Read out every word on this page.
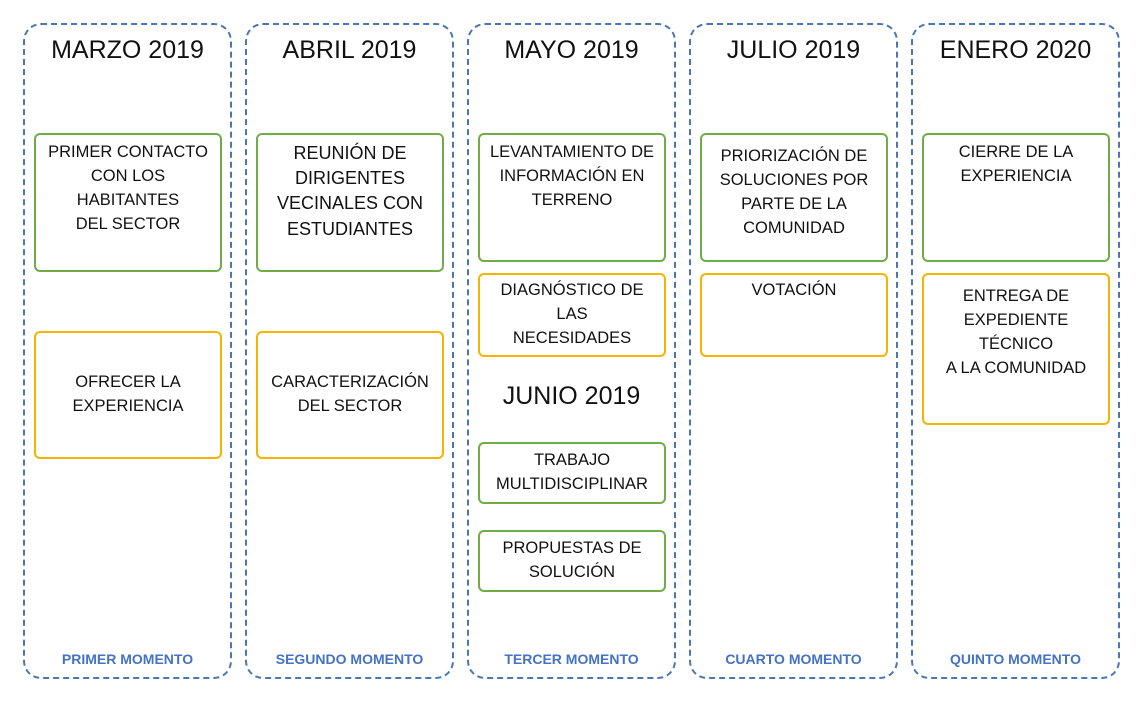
MARZO 2019
PRIMER CONTACTO
CON LOS HABITANTES
DEL SECTOR
OFRECER LA
EXPERIENCIA
PRIMER MOMENTO
ABRIL 2019
REUNIÓN DE
DIRIGENTES
VECINALES CON
ESTUDIANTES
CARACTERIZACIÓN
DEL SECTOR
SEGUNDO MOMENTO
MAYO 2019
LEVANTAMIENTO DE
INFORMACIÓN EN
TERRENO
DIAGNÓSTICO DE LAS
NECESIDADES
JUNIO 2019
TRABAJO
MULTIDISCIPLINAR
PROPUESTAS DE
SOLUCIÓN
TERCER MOMENTO
JULIO 2019
PRIORIZACIÓN DE
SOLUCIONES POR
PARTE DE LA
COMUNIDAD
VOTACIÓN
CUARTO MOMENTO
ENERO 2020
CIERRE DE LA
EXPERIENCIA
ENTREGA DE
EXPEDIENTE TÉCNICO
A LA COMUNIDAD
QUINTO MOMENTO
